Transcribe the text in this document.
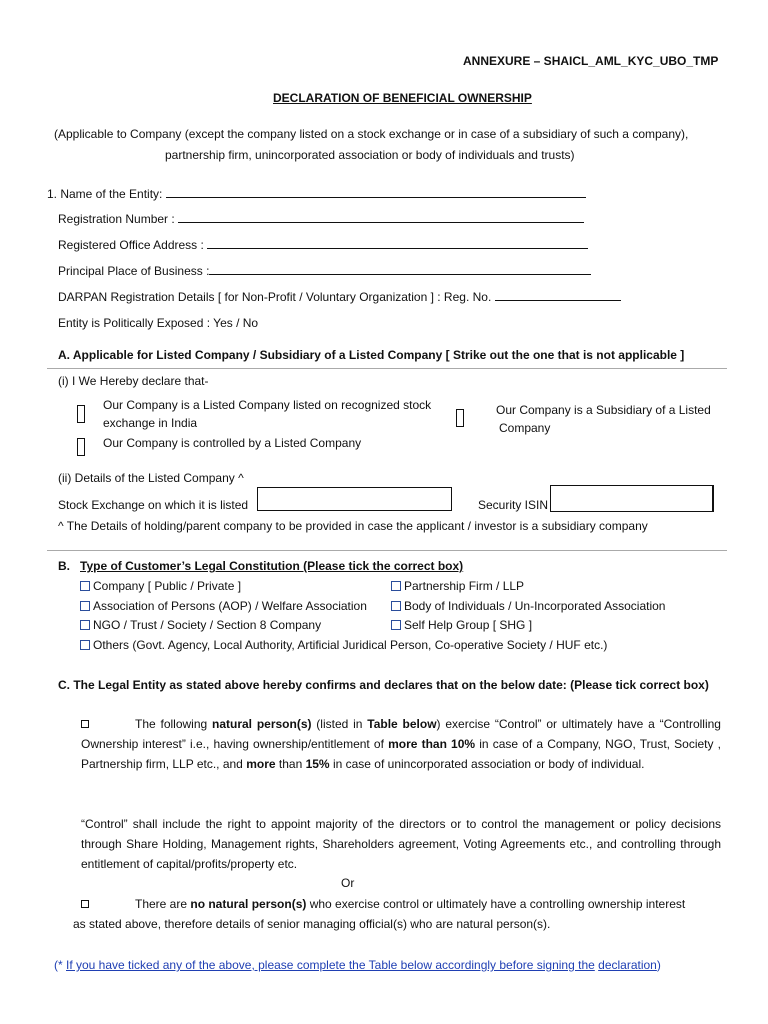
ANNEXURE – SHAICL_AML_KYC_UBO_TMP
DECLARATION OF BENEFICIAL OWNERSHIP
(Applicable to Company (except the company listed on a stock exchange or in case of a subsidiary of such a company),
partnership firm, unincorporated association or body of individuals and trusts)
1. Name of the Entity:
Registration Number :
Registered Office Address :
Principal Place of Business :
DARPAN Registration Details [ for Non-Profit / Voluntary Organization ] : Reg. No.
Entity is Politically Exposed : Yes / No
A. Applicable for Listed Company / Subsidiary of a Listed Company [ Strike out the one that is not applicable ]
(i) I We Hereby declare that-
Our Company is a Listed Company listed on recognized stock
exchange in India
Our Company is a Subsidiary of a Listed
Company
Our Company is controlled by a Listed Company
(ii) Details of the Listed Company ^
Stock Exchange on which it is listed	Security ISIN
^ The Details of holding/parent company to be provided in case the applicant / investor is a subsidiary company
B. Type of Customer’s Legal Constitution (Please tick the correct box)
Company [ Public / Private ]	Partnership Firm / LLP
Association of Persons (AOP) / Welfare Association	Body of Individuals / Un-Incorporated Association
NGO / Trust / Society / Section 8 Company	Self Help Group [ SHG ]
Others (Govt. Agency, Local Authority, Artificial Juridical Person, Co-operative Society / HUF etc.)
C. The Legal Entity as stated above hereby confirms and declares that on the below date: (Please tick correct box)
The following natural person(s) (listed in Table below) exercise “Control” or ultimately have a “Controlling Ownership interest” i.e., having ownership/entitlement of more than 10% in case of a Company, NGO, Trust, Society , Partnership firm, LLP etc., and more than 15% in case of unincorporated association or body of individual.
“Control” shall include the right to appoint majority of the directors or to control the management or policy decisions through Share Holding, Management rights, Shareholders agreement, Voting Agreements etc., and controlling through entitlement of capital/profits/property etc.
Or
There are no natural person(s) who exercise control or ultimately have a controlling ownership interest
as stated above, therefore details of senior managing official(s) who are natural person(s).
(* If you have ticked any of the above, please complete the Table below accordingly before signing the declaration)
